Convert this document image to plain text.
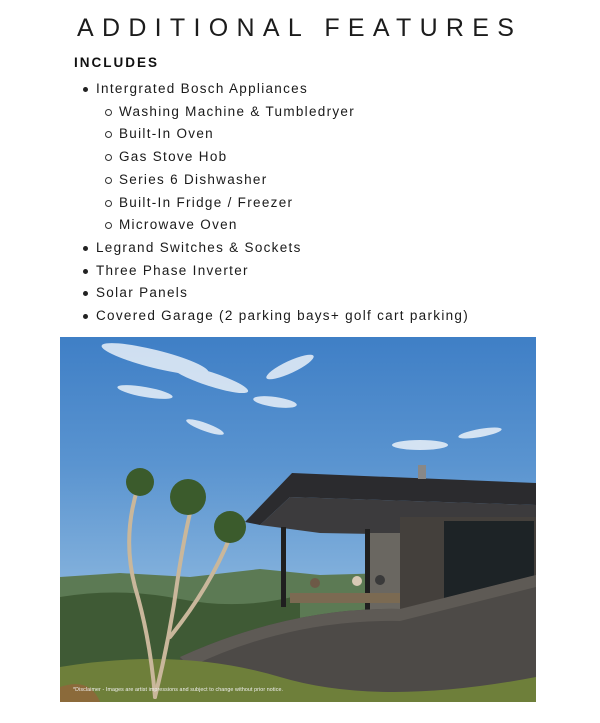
ADDITIONAL FEATURES
INCLUDES
Intergrated Bosch Appliances
Washing Machine & Tumbledryer
Built-In Oven
Gas Stove Hob
Series 6 Dishwasher
Built-In Fridge / Freezer
Microwave Oven
Legrand Switches & Sockets
Three Phase Inverter
Solar Panels
Covered Garage (2 parking bays+ golf cart parking)
*Disclaimer - Images are artist impressions and subject to change without prior notice.
